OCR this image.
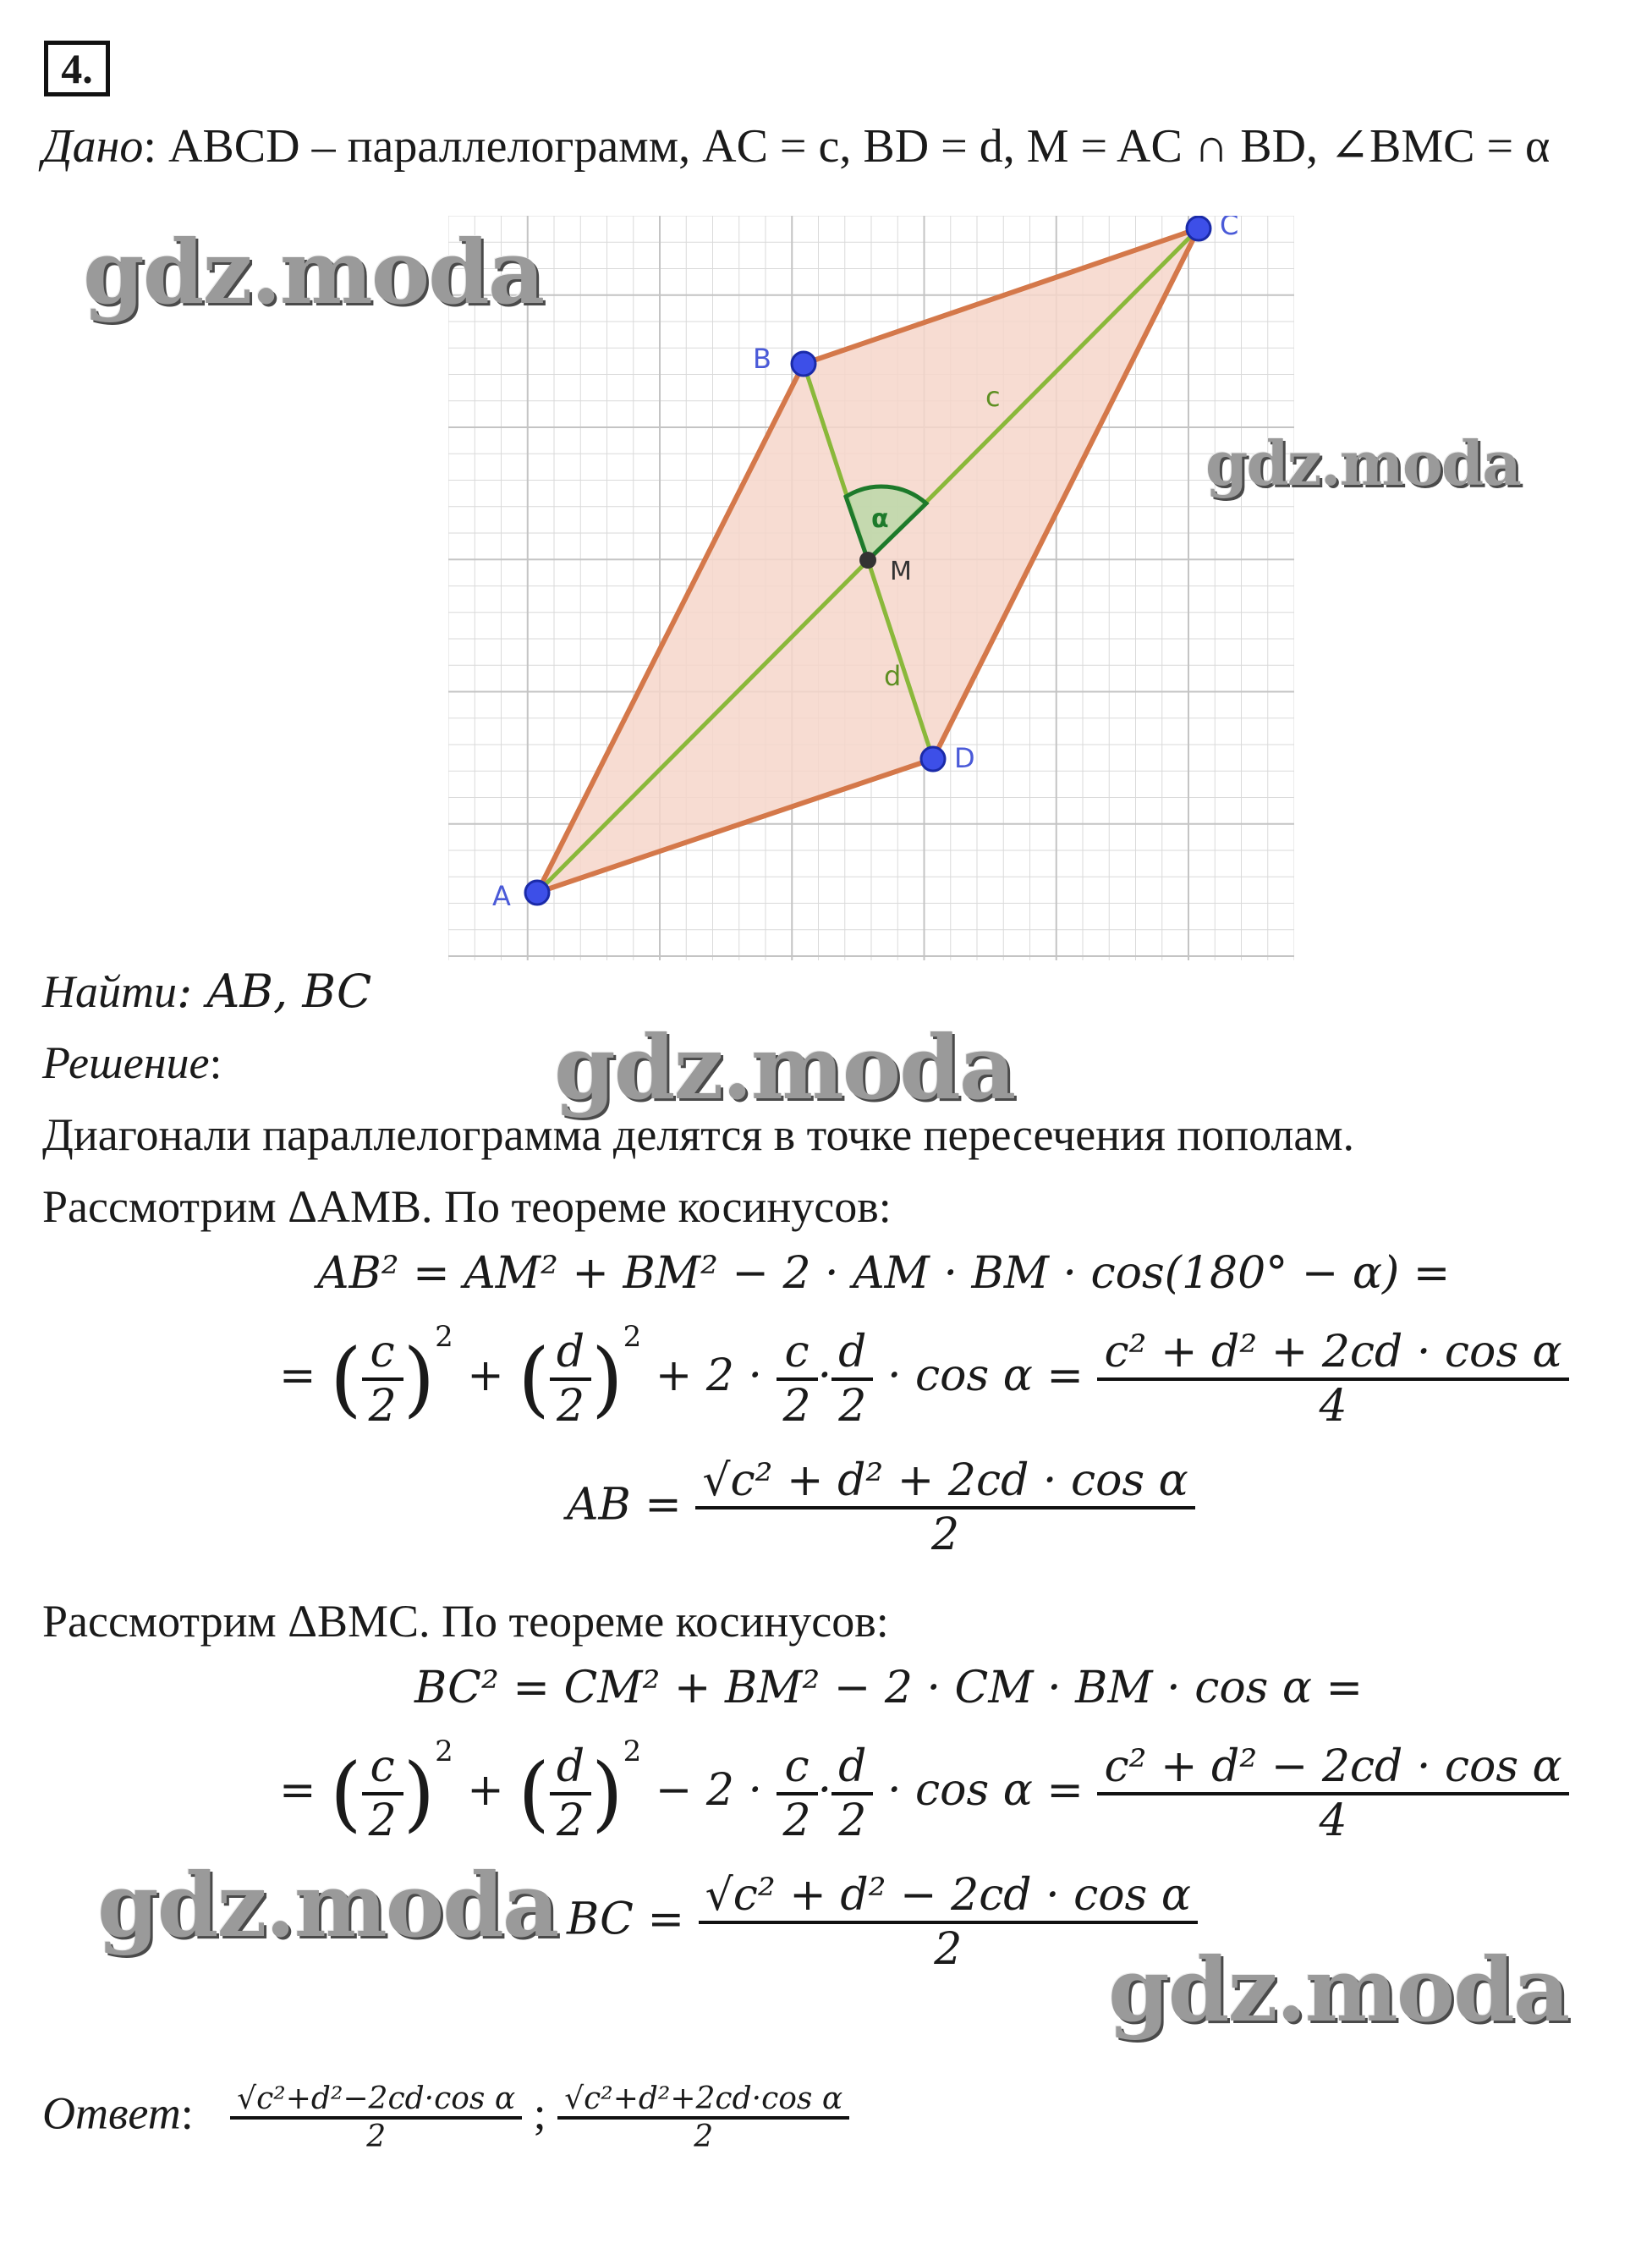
4.
Дано: ABCD – параллелограмм, AC = c, BD = d, M = AC ∩ BD, ∠BMC = α
α
c
d
A
B
C
D
M
Найти: AB, BC
Решение:
Диагонали параллелограмма делятся в точке пересечения пополам.
Рассмотрим ΔAMB. По теореме косинусов:
AB² = AM² + BM² − 2 · AM · BM · cos(180° − α) =
= ( $\frac{c}{2} )^2$ + ( $\frac{d}{2} )^2 + 2 \cdot \frac{c}{2} \cdot \frac{d}{2} \cdot \cos \alpha = \frac{\text{c² + d² + 2cd · cos α}}{4}$
AB = $\frac{\text{√c² + d² + 2cd · cos α}}{2}$
Рассмотрим ΔBMC. По теореме косинусов:
BC² = CM² + BM² − 2 · CM · BM · cos α =
= ( $\frac{c}{2} )^2$ + ( $\frac{d}{2} )^2 - 2 \cdot \frac{c}{2} \cdot \frac{d}{2} \cdot \cos \alpha = \frac{\text{c² + d² − 2cd · cos α}}{4}$
BC = $\frac{\text{√c² + d² − 2cd · cos α}}{2}$
Ответ: $\frac{\text{√c²+d²−2cd·cos α}}{2}$ ; $\frac{\text{√c²+d²+2cd·cos α}}{2}$
gdz.moda
gdz.moda
gdz.moda
gdz.moda
gdz.moda
